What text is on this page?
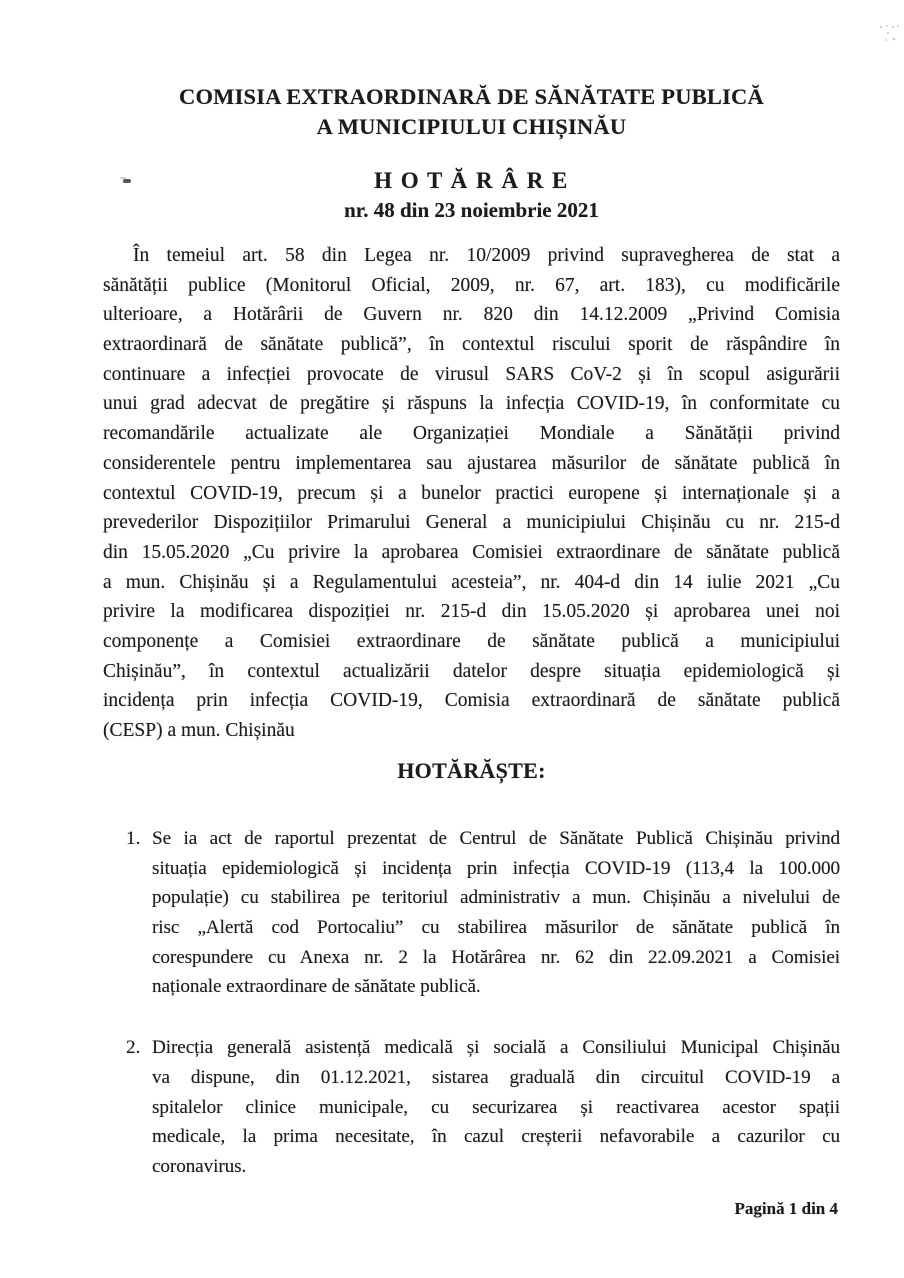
COMISIA EXTRAORDINARĂ DE SĂNĂTATE PUBLICĂ
A MUNICIPIULUI CHIȘINĂU
H O T Ă R Â R E
nr. 48 din 23 noiembrie 2021
În temeiul art. 58 din Legea nr. 10/2009 privind supravegherea de stat a
sănătății publice (Monitorul Oficial, 2009, nr. 67, art. 183), cu modificările
ulterioare, a Hotărârii de Guvern nr. 820 din 14.12.2009 „Privind Comisia
extraordinară de sănătate publică”, în contextul riscului sporit de răspândire în
continuare a infecției provocate de virusul SARS CoV-2 și în scopul asigurării
unui grad adecvat de pregătire și răspuns la infecția COVID-19, în conformitate cu
recomandările actualizate ale Organizației Mondiale a Sănătății privind
considerentele pentru implementarea sau ajustarea măsurilor de sănătate publică în
contextul COVID-19, precum și a bunelor practici europene și internaționale și a
prevederilor Dispozițiilor Primarului General a municipiului Chișinău cu nr. 215-d
din 15.05.2020 „Cu privire la aprobarea Comisiei extraordinare de sănătate publică
a mun. Chișinău și a Regulamentului acesteia”, nr. 404-d din 14 iulie 2021 „Cu
privire la modificarea dispoziției nr. 215-d din 15.05.2020 și aprobarea unei noi
componențe a Comisiei extraordinare de sănătate publică a municipiului
Chișinău”, în contextul actualizării datelor despre situația epidemiologică și
incidența prin infecția COVID-19, Comisia extraordinară de sănătate publică
(CESP) a mun. Chișinău
HOTĂRĂȘTE:
1. Se ia act de raportul prezentat de Centrul de Sănătate Publică Chișinău privind
situația epidemiologică și incidența prin infecția COVID-19 (113,4 la 100.000
populație) cu stabilirea pe teritoriul administrativ a mun. Chișinău a nivelului de
risc „Alertă cod Portocaliu” cu stabilirea măsurilor de sănătate publică în
corespundere cu Anexa nr. 2 la Hotărârea nr. 62 din 22.09.2021 a Comisiei
naționale extraordinare de sănătate publică.
2. Direcția generală asistență medicală și socială a Consiliului Municipal Chișinău
va dispune, din 01.12.2021, sistarea graduală din circuitul COVID-19 a
spitalelor clinice municipale, cu securizarea și reactivarea acestor spații
medicale, la prima necesitate, în cazul creșterii nefavorabile a cazurilor cu
coronavirus.
Pagină 1 din 4
